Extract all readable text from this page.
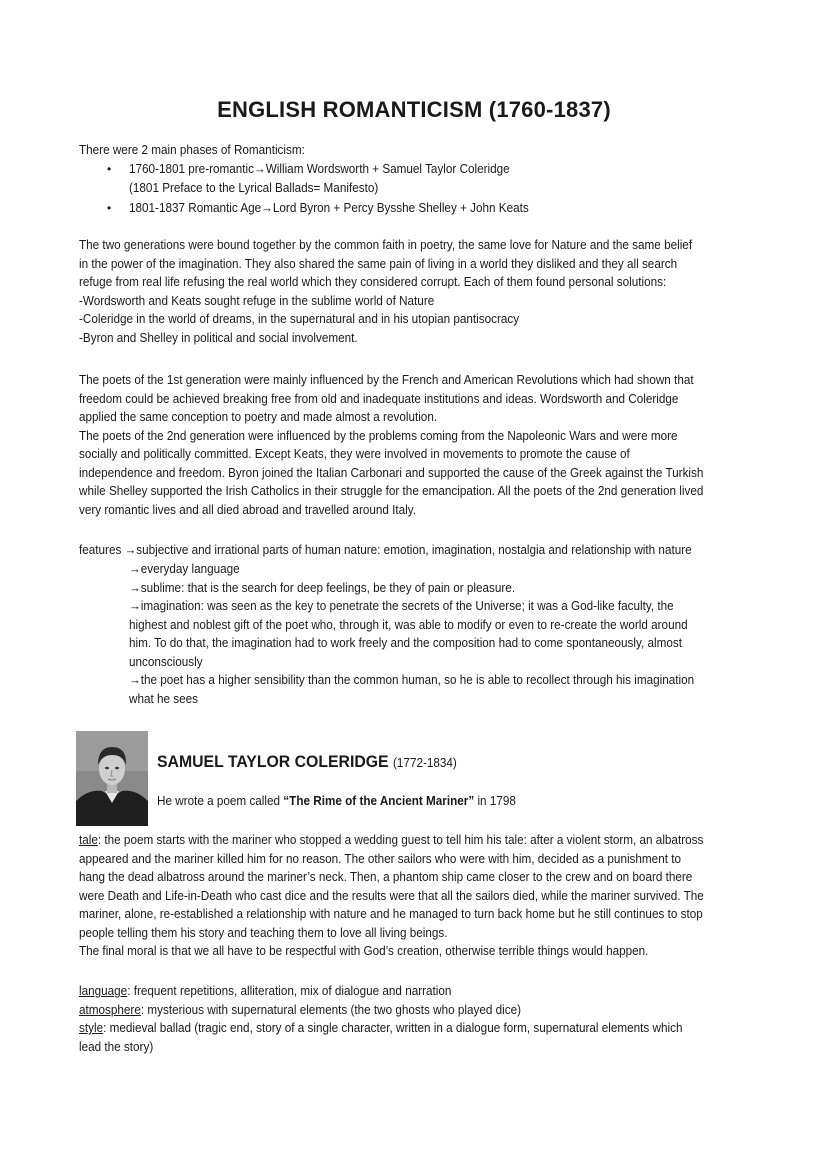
ENGLISH ROMANTICISM (1760-1837)
There were 2 main phases of Romanticism:
• 1760-1801 pre-romantic→William Wordsworth + Samuel Taylor Coleridge
(1801 Preface to the Lyrical Ballads= Manifesto)
• 1801-1837 Romantic Age→Lord Byron + Percy Bysshe Shelley + John Keats
The two generations were bound together by the common faith in poetry, the same love for Nature and the same belief
in the power of the imagination. They also shared the same pain of living in a world they disliked and they all search
refuge from real life refusing the real world which they considered corrupt. Each of them found personal solutions:
-Wordsworth and Keats sought refuge in the sublime world of Nature
-Coleridge in the world of dreams, in the supernatural and in his utopian pantisocracy
-Byron and Shelley in political and social involvement.
The poets of the 1st generation were mainly influenced by the French and American Revolutions which had shown that
freedom could be achieved breaking free from old and inadequate institutions and ideas. Wordsworth and Coleridge
applied the same conception to poetry and made almost a revolution.
The poets of the 2nd generation were influenced by the problems coming from the Napoleonic Wars and were more
socially and politically committed. Except Keats, they were involved in movements to promote the cause of
independence and freedom. Byron joined the Italian Carbonari and supported the cause of the Greek against the Turkish
while Shelley supported the Irish Catholics in their struggle for the emancipation. All the poets of the 2nd generation lived
very romantic lives and all died abroad and travelled around Italy.
features →subjective and irrational parts of human nature: emotion, imagination, nostalgia and relationship with nature
→everyday language
→sublime: that is the search for deep feelings, be they of pain or pleasure.
→imagination: was seen as the key to penetrate the secrets of the Universe; it was a God-like faculty, the
highest and noblest gift of the poet who, through it, was able to modify or even to re-create the world around
him. To do that, the imagination had to work freely and the composition had to come spontaneously, almost
unconsciously
→the poet has a higher sensibility than the common human, so he is able to recollect through his imagination
what he sees
SAMUEL TAYLOR COLERIDGE (1772-1834)
He wrote a poem called “The Rime of the Ancient Mariner” in 1798
tale: the poem starts with the mariner who stopped a wedding guest to tell him his tale: after a violent storm, an albatross
appeared and the mariner killed him for no reason. The other sailors who were with him, decided as a punishment to
hang the dead albatross around the mariner’s neck. Then, a phantom ship came closer to the crew and on board there
were Death and Life-in-Death who cast dice and the results were that all the sailors died, while the mariner survived. The
mariner, alone, re-established a relationship with nature and he managed to turn back home but he still continues to stop
people telling them his story and teaching them to love all living beings.
The final moral is that we all have to be respectful with God’s creation, otherwise terrible things would happen.
language: frequent repetitions, alliteration, mix of dialogue and narration
atmosphere: mysterious with supernatural elements (the two ghosts who played dice)
style: medieval ballad (tragic end, story of a single character, written in a dialogue form, supernatural elements which
lead the story)
